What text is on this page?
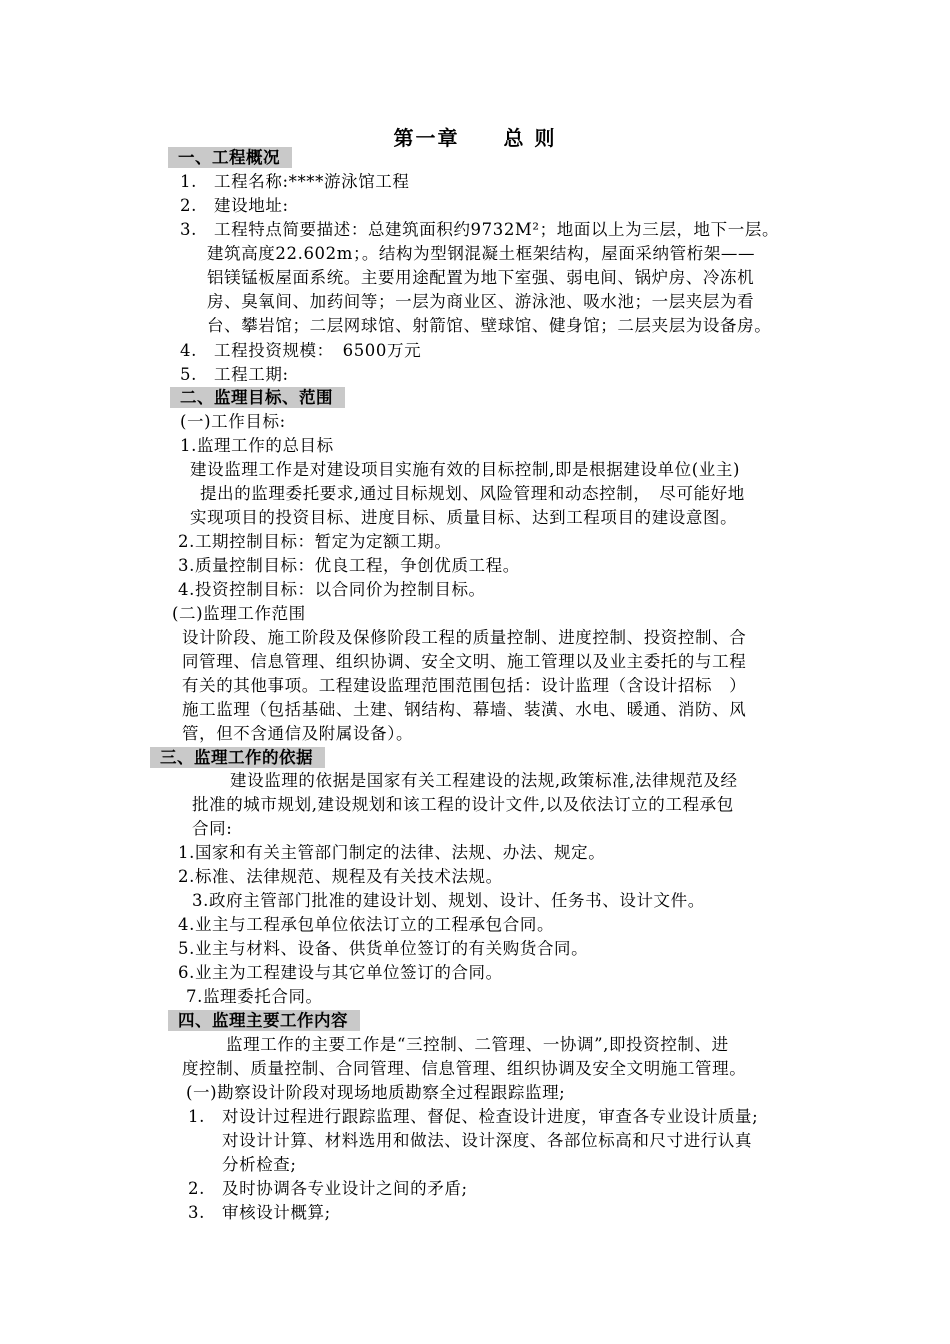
第一章　　总 则
一、工程概况
1.　工程名称:****游泳馆工程
2.　建设地址:
3.　工程特点简要描述：总建筑面积约9732M²；地面以上为三层，地下一层。
建筑高度22.602m；。结构为型钢混凝土框架结构，屋面采纳管桁架——
铝镁锰板屋面系统。主要用途配置为地下室强、弱电间、锅炉房、冷冻机
房、臭氧间、加药间等；一层为商业区、游泳池、吸水池；一层夹层为看
台、攀岩馆；二层网球馆、射箭馆、壁球馆、健身馆；二层夹层为设备房。
4.　工程投资规模：　6500万元
5.　工程工期:
二、监理目标、范围
(一)工作目标:
1.监理工作的总目标
建设监理工作是对建设项目实施有效的目标控制,即是根据建设单位(业主)
提出的监理委托要求,通过目标规划、风险管理和动态控制，　尽可能好地
实现项目的投资目标、进度目标、质量目标、达到工程项目的建设意图。
2.工期控制目标：暂定为定额工期。
3.质量控制目标：优良工程，争创优质工程。
4.投资控制目标：以合同价为控制目标。
(二)监理工作范围
设计阶段、施工阶段及保修阶段工程的质量控制、进度控制、投资控制、合
同管理、信息管理、组织协调、安全文明、施工管理以及业主委托的与工程
有关的其他事项。工程建设监理范围范围包括：设计监理（含设计招标　）
施工监理（包括基础、土建、钢结构、幕墙、装潢、水电、暖通、消防、风
管，但不含通信及附属设备）。
三、监理工作的依据
建设监理的依据是国家有关工程建设的法规,政策标准,法律规范及经
批准的城市规划,建设规划和该工程的设计文件,以及依法订立的工程承包
合同:
1.国家和有关主管部门制定的法律、法规、办法、规定。
2.标准、法律规范、规程及有关技术法规。
3.政府主管部门批准的建设计划、规划、设计、任务书、设计文件。
4.业主与工程承包单位依法订立的工程承包合同。
5.业主与材料、设备、供货单位签订的有关购货合同。
6.业主为工程建设与其它单位签订的合同。
7.监理委托合同。
四、监理主要工作内容
监理工作的主要工作是“三控制、二管理、一协调”,即投资控制、进
度控制、质量控制、合同管理、信息管理、组织协调及安全文明施工管理。
(一)勘察设计阶段对现场地质勘察全过程跟踪监理;
1.　对设计过程进行跟踪监理、督促、检查设计进度，审查各专业设计质量;
对设计计算、材料选用和做法、设计深度、各部位标高和尺寸进行认真
分析检查;
2.　及时协调各专业设计之间的矛盾;
3.　审核设计概算;
